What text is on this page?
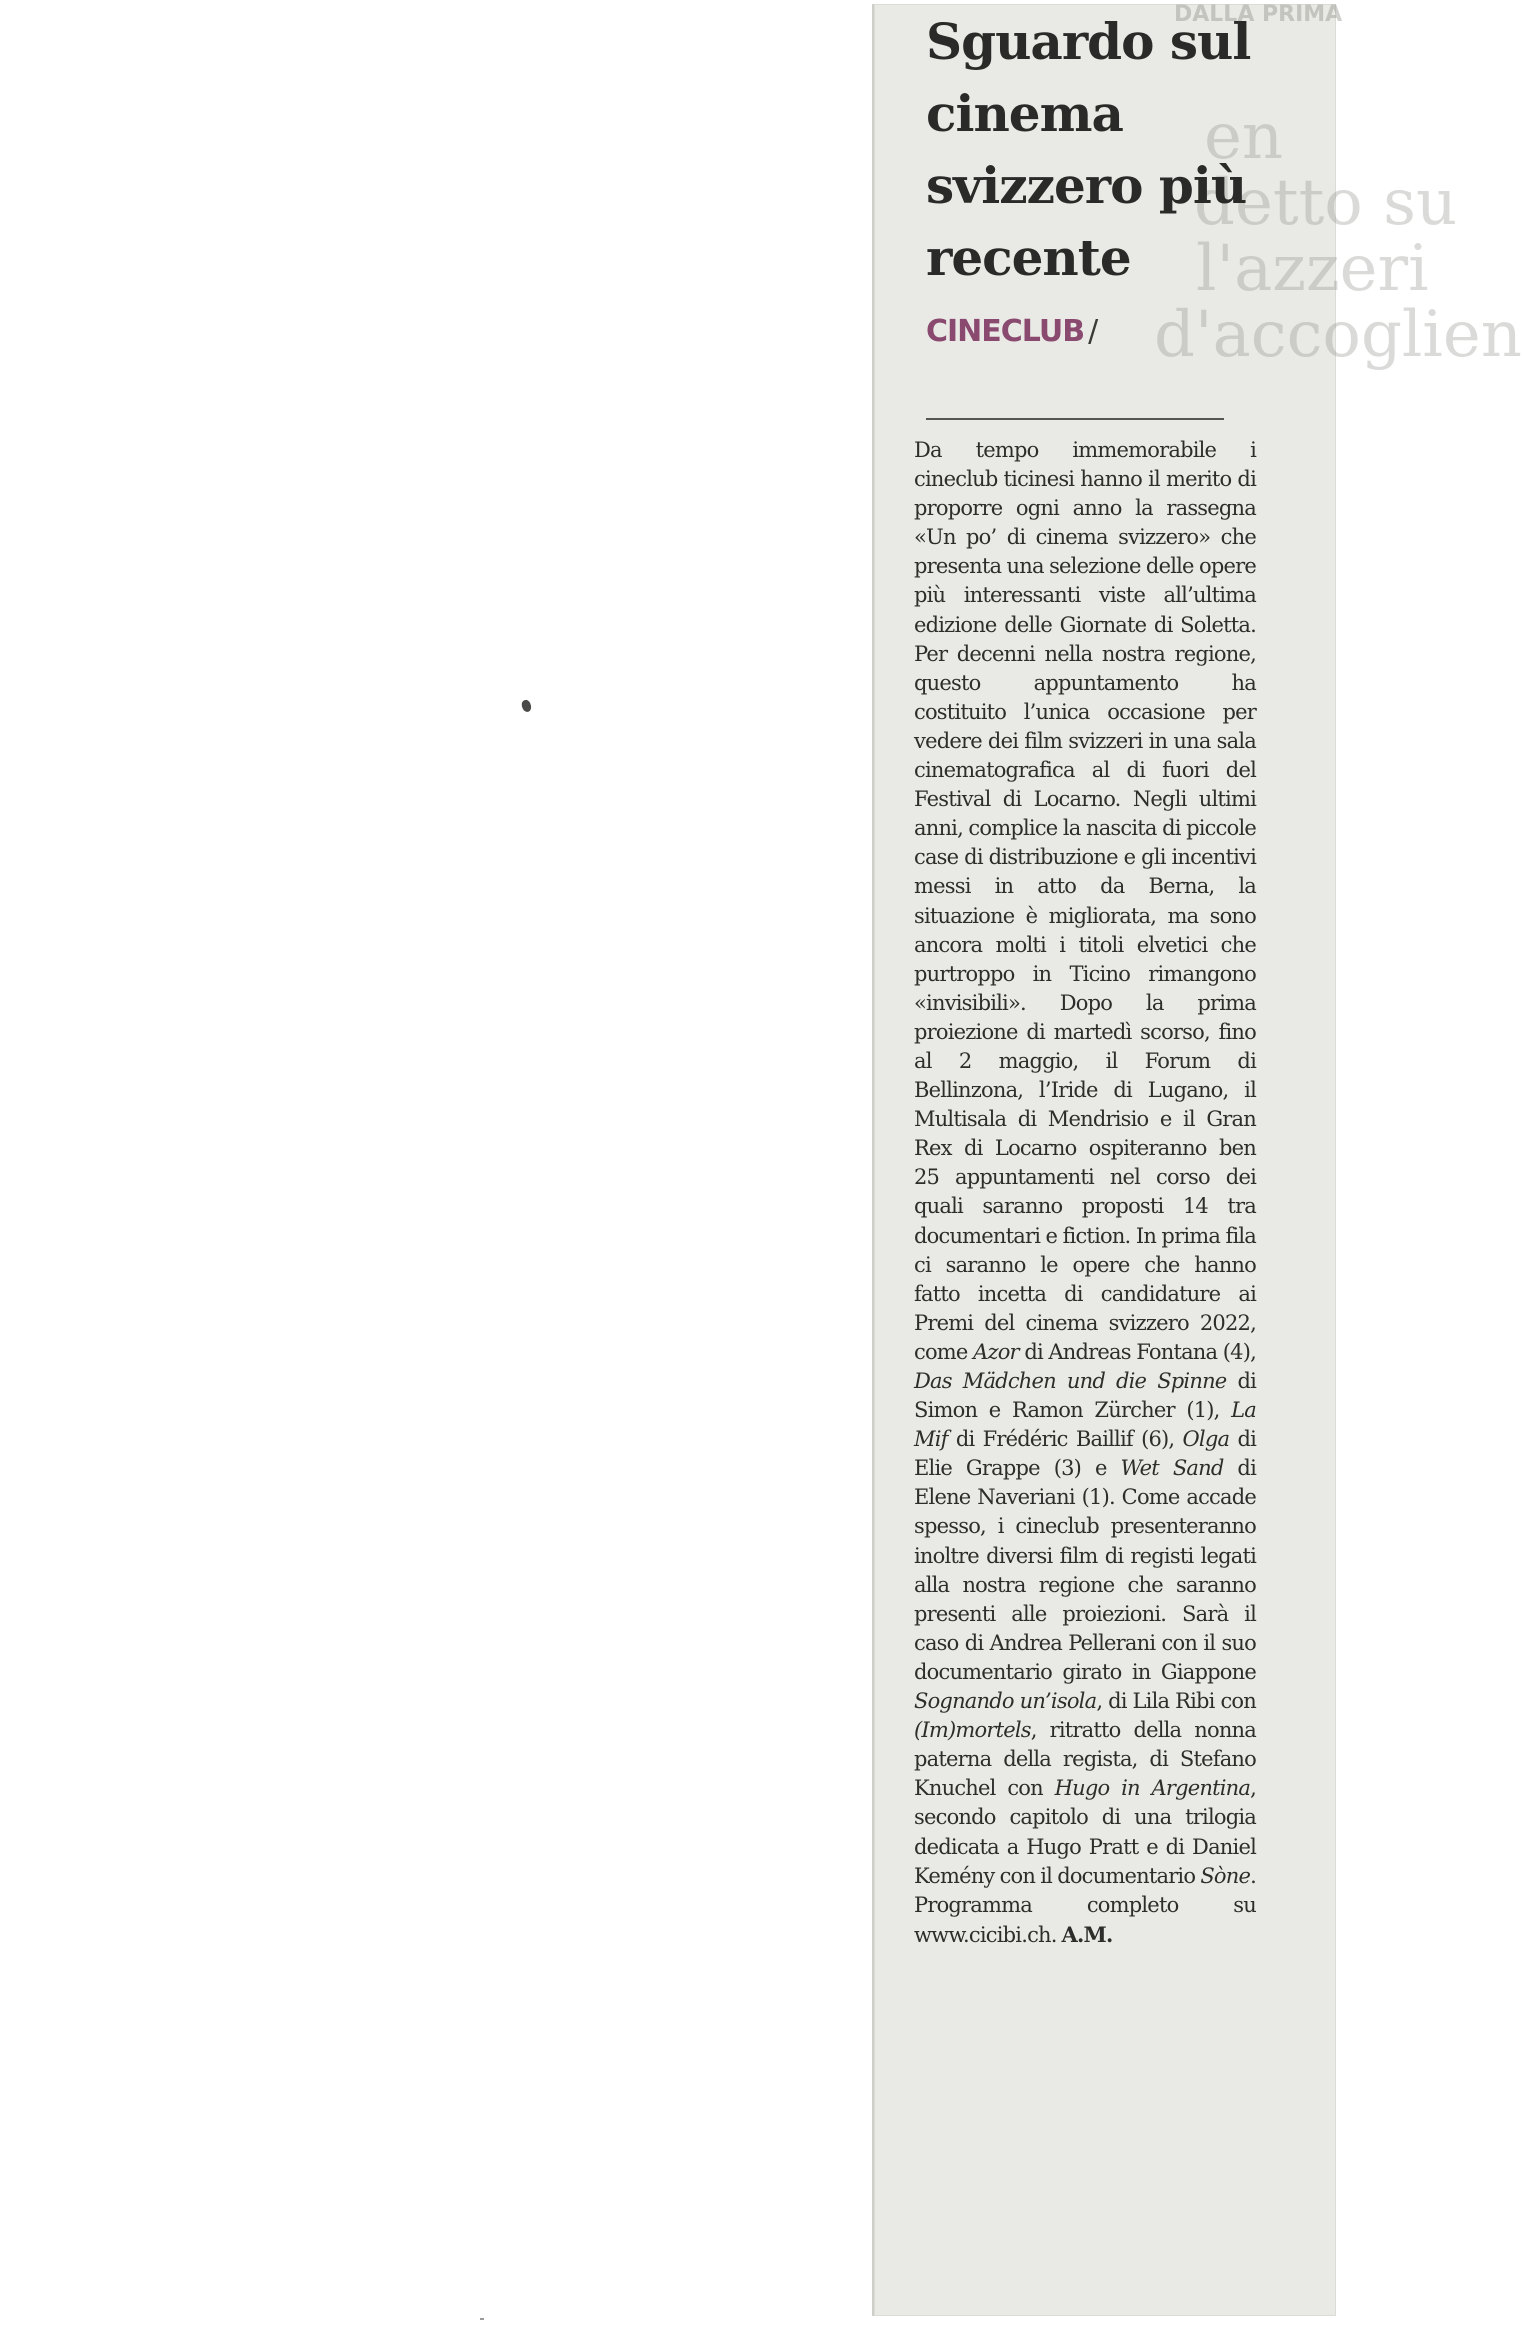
DALLA PRIMA
en
detto su
l'azzeri
d'accoglien
Sguardo sul cinema svizzero più recente
CINECLUB /

Da tempo immemorabile i cineclub ticinesi hanno il merito di proporre ogni anno la rassegna «Un po’ di cinema svizzero» che presenta una selezione delle opere più interessanti viste all’ultima edizione delle Giornate di Soletta. Per decenni nella nostra regione, questo appuntamento ha costituito l’unica occasione per vedere dei film svizzeri in una sala cinematografica al di fuori del Festival di Locarno. Negli ultimi anni, complice la nascita di piccole case di distribuzione e gli incentivi messi in atto da Berna, la situazione è migliorata, ma sono ancora molti i titoli elvetici che purtroppo in Ticino rimangono «invisibili». Dopo la prima proiezione di martedì scorso, fino al 2 maggio, il Forum di Bellinzona, l’Iride di Lugano, il Multisala di Mendrisio e il Gran Rex di Locarno ospiteranno ben 25 appuntamenti nel corso dei quali saranno proposti 14 tra documentari e fiction. In prima fila ci saranno le opere che hanno fatto incetta di candidature ai Premi del cinema svizzero 2022, come Azor di Andreas Fontana (4), Das Mädchen und die Spinne di Simon e Ramon Zürcher (1), La Mif di Frédéric Baillif (6), Olga di Elie Grappe (3) e Wet Sand di Elene Naveriani (1). Come accade spesso, i cineclub presenteranno inoltre diversi film di registi legati alla nostra regione che saranno presenti alle proiezioni. Sarà il caso di Andrea Pellerani con il suo documentario girato in Giappone Sognando un’isola, di Lila Ribi con (Im)mortels, ritratto della nonna paterna della regista, di Stefano Knuchel con Hugo in Argentina, secondo capitolo di una trilogia dedicata a Hugo Pratt e di Daniel Kemény con il documentario Sòne. Programma completo su www.cicibi.ch. A.M.
